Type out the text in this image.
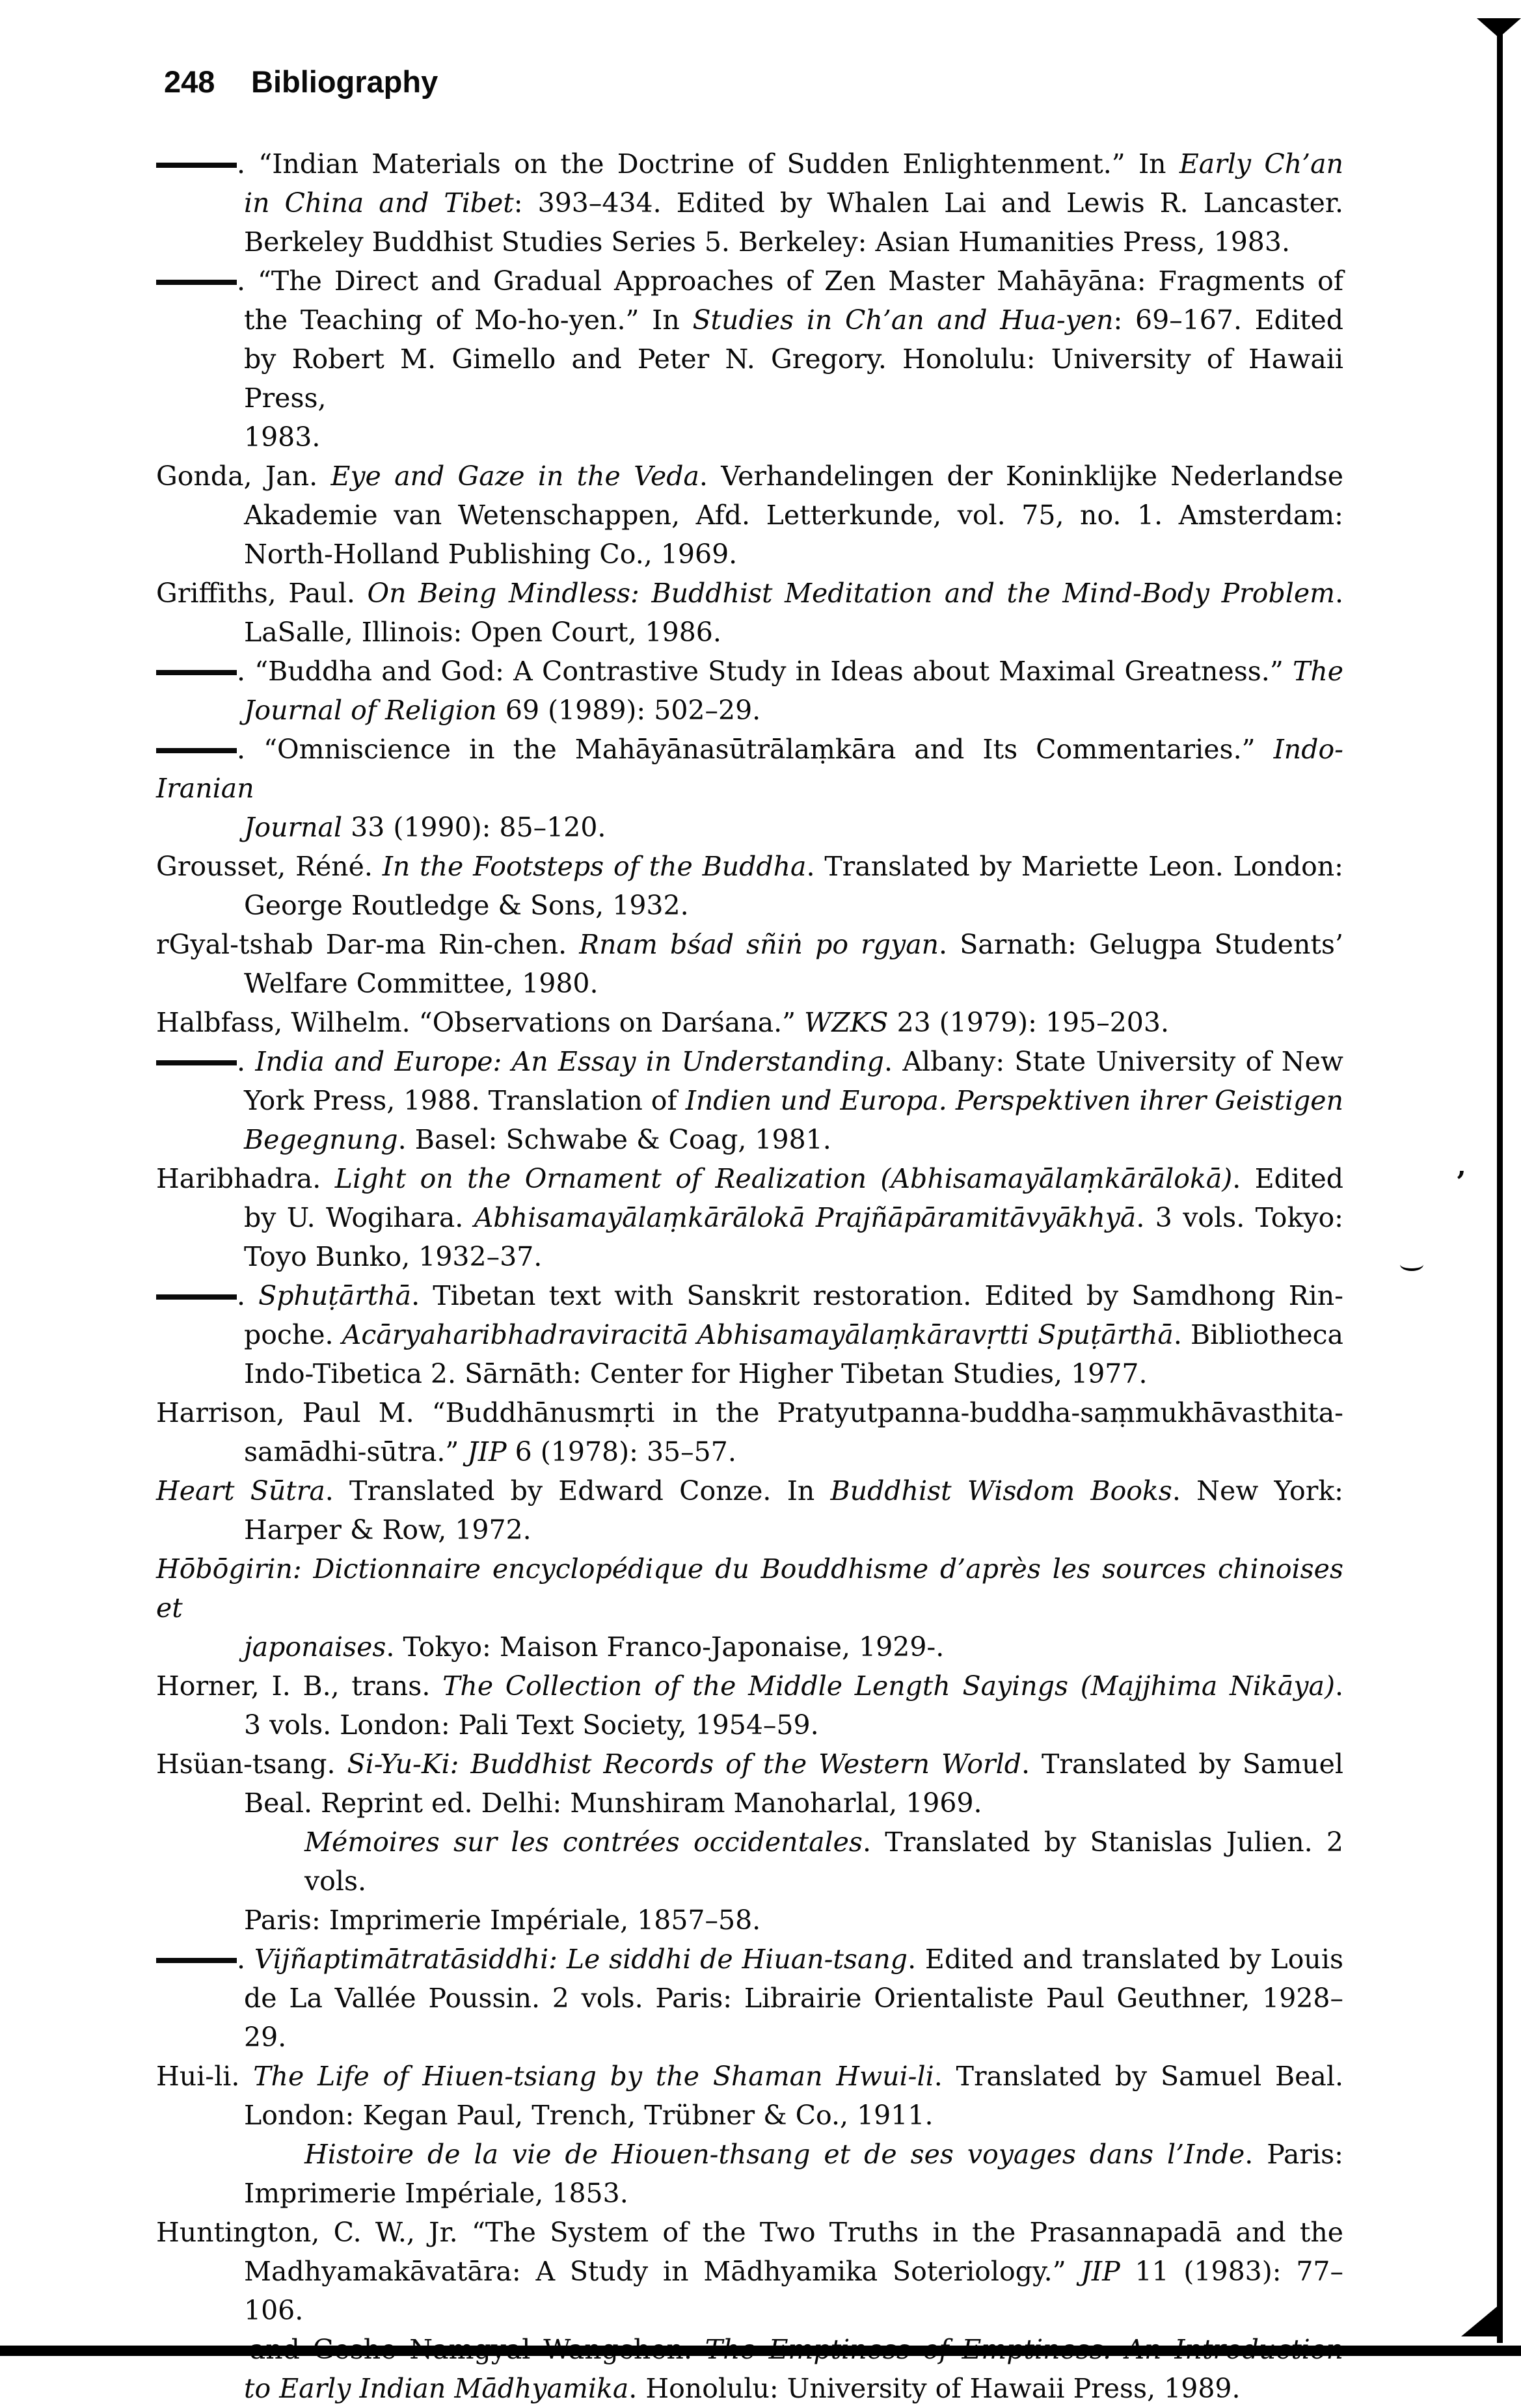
248 Bibliography
. “Indian Materials on the Doctrine of Sudden Enlightenment.” In Early Ch’an
in China and Tibet: 393–434. Edited by Whalen Lai and Lewis R. Lancaster.
Berkeley Buddhist Studies Series 5. Berkeley: Asian Humanities Press, 1983.
. “The Direct and Gradual Approaches of Zen Master Mahāyāna: Fragments of
the Teaching of Mo-ho-yen.” In Studies in Ch’an and Hua-yen: 69–167. Edited
by Robert M. Gimello and Peter N. Gregory. Honolulu: University of Hawaii Press,
1983.
Gonda, Jan. Eye and Gaze in the Veda. Verhandelingen der Koninklijke Nederlandse
Akademie van Wetenschappen, Afd. Letterkunde, vol. 75, no. 1. Amsterdam:
North-Holland Publishing Co., 1969.
Griffiths, Paul. On Being Mindless: Buddhist Meditation and the Mind-Body Problem.
LaSalle, Illinois: Open Court, 1986.
. “Buddha and God: A Contrastive Study in Ideas about Maximal Greatness.” The
Journal of Religion 69 (1989): 502–29.
. “Omniscience in the Mahāyānasūtrālaṃkāra and Its Commentaries.” Indo-Iranian
Journal 33 (1990): 85–120.
Grousset, Réné. In the Footsteps of the Buddha. Translated by Mariette Leon. London:
George Routledge & Sons, 1932.
rGyal-tshab Dar-ma Rin-chen. Rnam bśad sñiṅ po rgyan. Sarnath: Gelugpa Students’
Welfare Committee, 1980.
Halbfass, Wilhelm. “Observations on Darśana.” WZKS 23 (1979): 195–203.
. India and Europe: An Essay in Understanding. Albany: State University of New
York Press, 1988. Translation of Indien und Europa. Perspektiven ihrer Geistigen
Begegnung. Basel: Schwabe & Coag, 1981.
Haribhadra. Light on the Ornament of Realization (Abhisamayālaṃkārālokā). Edited
by U. Wogihara. Abhisamayālaṃkārālokā Prajñāpāramitāvyākhyā. 3 vols. Tokyo:
Toyo Bunko, 1932–37.
. Sphuṭārthā. Tibetan text with Sanskrit restoration. Edited by Samdhong Rin-
poche. Acāryaharibhadraviracitā Abhisamayālaṃkāravṛtti Spuṭārthā. Bibliotheca
Indo-Tibetica 2. Sārnāth: Center for Higher Tibetan Studies, 1977.
Harrison, Paul M. “Buddhānusmṛti in the Pratyutpanna-buddha-saṃmukhāvasthita-
samādhi-sūtra.” JIP 6 (1978): 35–57.
Heart Sūtra. Translated by Edward Conze. In Buddhist Wisdom Books. New York:
Harper & Row, 1972.
Hōbōgirin: Dictionnaire encyclopédique du Bouddhisme d’après les sources chinoises et
japonaises. Tokyo: Maison Franco-Japonaise, 1929-.
Horner, I. B., trans. The Collection of the Middle Length Sayings (Majjhima Nikāya).
3 vols. London: Pali Text Society, 1954–59.
Hsüan-tsang. Si-Yu-Ki: Buddhist Records of the Western World. Translated by Samuel
Beal. Reprint ed. Delhi: Munshiram Manoharlal, 1969.
Mémoires sur les contrées occidentales. Translated by Stanislas Julien. 2 vols.
Paris: Imprimerie Impériale, 1857–58.
. Vijñaptimātratāsiddhi: Le siddhi de Hiuan-tsang. Edited and translated by Louis
de La Vallée Poussin. 2 vols. Paris: Librairie Orientaliste Paul Geuthner, 1928–29.
Hui-li. The Life of Hiuen-tsiang by the Shaman Hwui-li. Translated by Samuel Beal.
London: Kegan Paul, Trench, Trübner & Co., 1911.
Histoire de la vie de Hiouen-thsang et de ses voyages dans l’Inde. Paris:
Imprimerie Impériale, 1853.
Huntington, C. W., Jr. “The System of the Two Truths in the Prasannapadā and the
Madhyamakāvatāra: A Study in Mādhyamika Soteriology.” JIP 11 (1983): 77–106.
to Early Indian Mādhyamika. Honolulu: University of Hawaii Press, 1989.
’
